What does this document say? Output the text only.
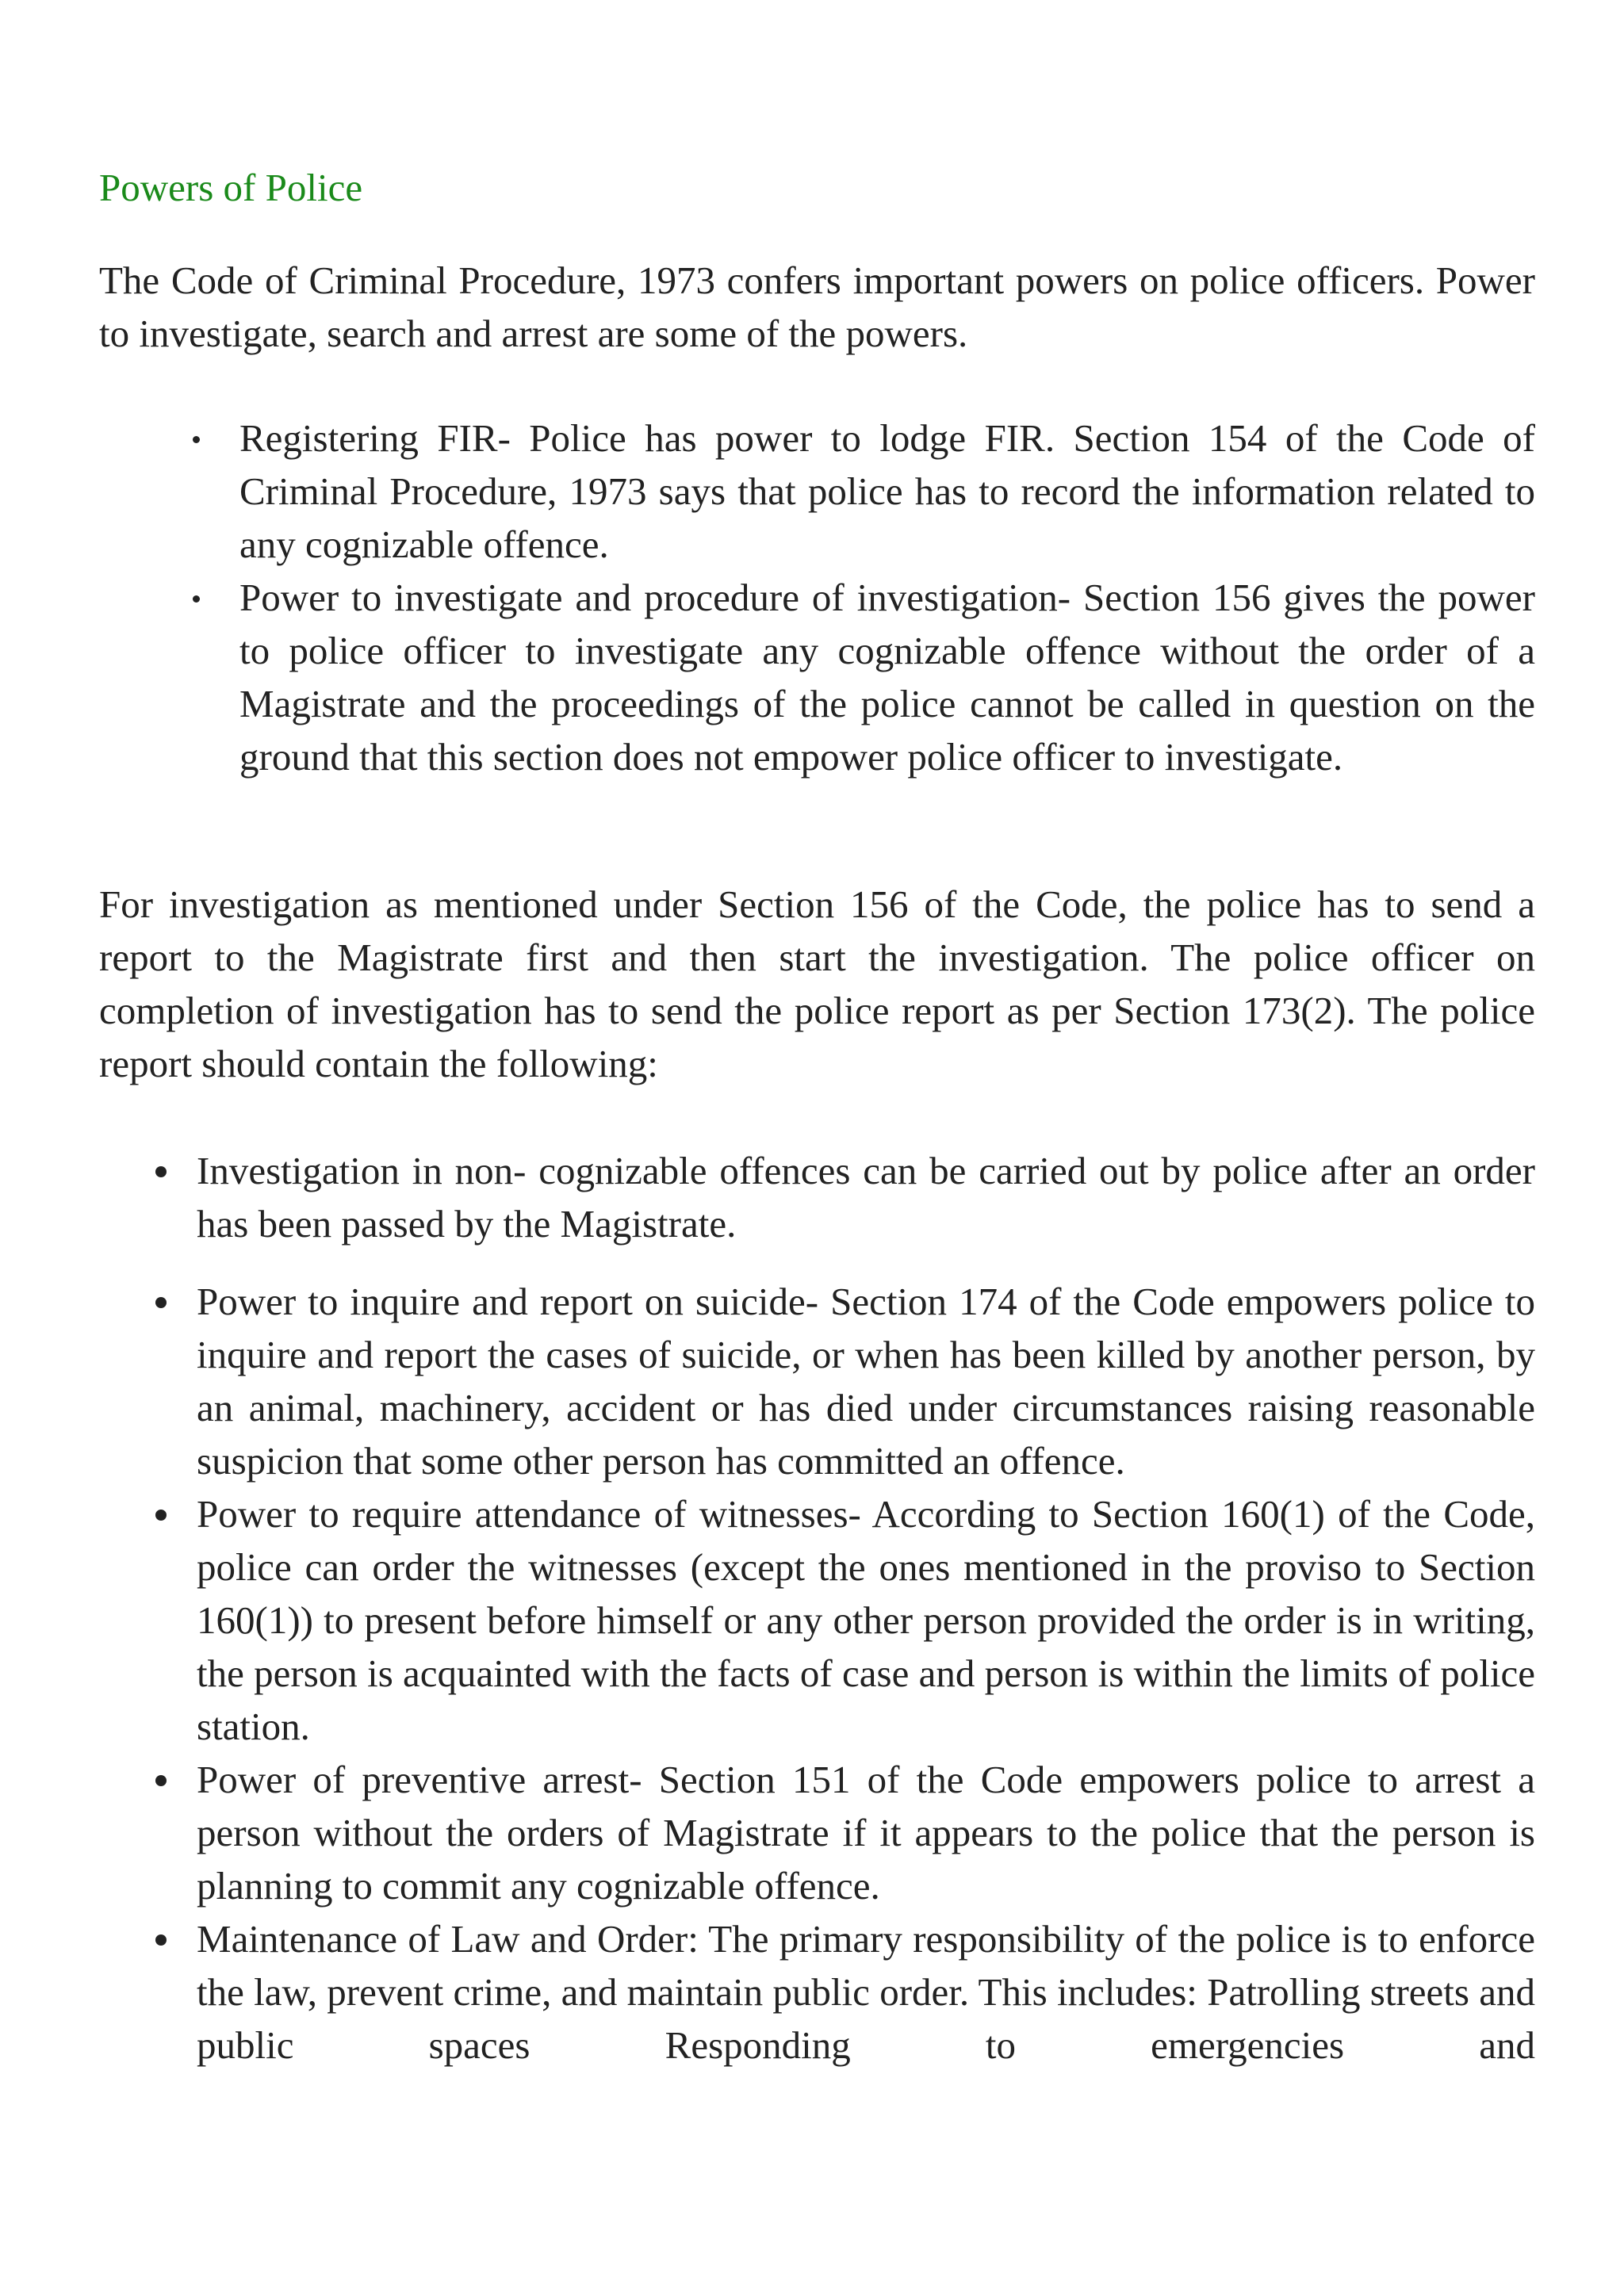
Powers of Police

The Code of Criminal Procedure, 1973 confers important powers on police officers. Power to investigate, search and arrest are some of the powers.

Registering FIR- Police has power to lodge FIR. Section 154 of the Code of Criminal Procedure, 1973 says that police has to record the information related to any cognizable offence.
Power to investigate and procedure of investigation- Section 156 gives the power to police officer to investigate any cognizable offence without the order of a Magistrate and the proceedings of the police cannot be called in question on the ground that this section does not empower police officer to investigate.

For investigation as mentioned under Section 156 of the Code, the police has to send a report to the Magistrate first and then start the investigation. The police officer on completion of investigation has to send the police report as per Section 173(2). The police report should contain the following:

Investigation in non- cognizable offences can be carried out by police after an order has been passed by the Magistrate.
Power to inquire and report on suicide- Section 174 of the Code empowers police to inquire and report the cases of suicide, or when has been killed by another person, by an animal, machinery, accident or has died under circumstances raising reasonable suspicion that some other person has committed an offence.
Power to require attendance of witnesses- According to Section 160(1) of the Code, police can order the witnesses (except the ones mentioned in the proviso to Section 160(1)) to present before himself or any other person provided the order is in writing, the person is acquainted with the facts of case and person is within the limits of police station.
Power of preventive arrest- Section 151 of the Code empowers police to arrest a person without the orders of Magistrate if it appears to the police that the person is planning to commit any cognizable offence.
Maintenance of Law and Order: The primary responsibility of the police is to enforce the law, prevent crime, and maintain public order. This includes: Patrolling streets and public spaces Responding to emergencies and
